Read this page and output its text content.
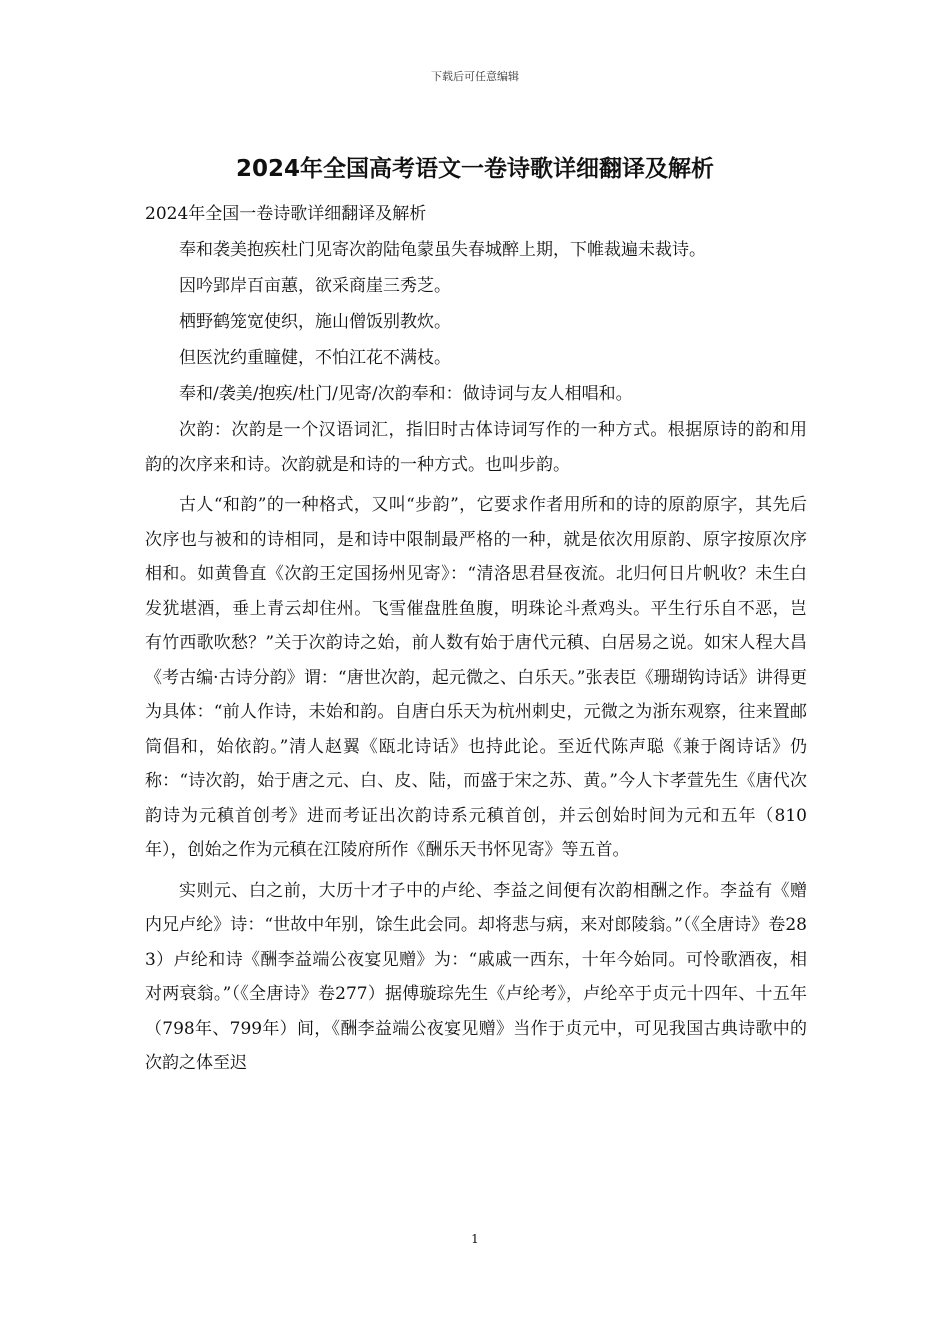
下载后可任意编辑
2024年全国高考语文一卷诗歌详细翻译及解析

2024年全国一卷诗歌详细翻译及解析

奉和袭美抱疾杜门见寄次韵陆龟蒙虽失春城醉上期，下帷裁遍未裁诗。

因吟郢岸百亩蕙，欲采商崖三秀芝。

栖野鹤笼宽使织，施山僧饭别教炊。

但医沈约重瞳健，不怕江花不满枝。

奉和/袭美/抱疾/杜门/见寄/次韵奉和：做诗词与友人相唱和。

次韵：次韵是一个汉语词汇，指旧时古体诗词写作的一种方式。根据原诗的韵和用韵的次序来和诗。次韵就是和诗的一种方式。也叫步韵。

古人“和韵”的一种格式，又叫“步韵”，它要求作者用所和的诗的原韵原字，其先后次序也与被和的诗相同，是和诗中限制最严格的一种，就是依次用原韵、原字按原次序相和。如黄鲁直《次韵王定国扬州见寄》：“清洛思君昼夜流。北归何日片帆收？未生白发犹堪酒，垂上青云却住州。飞雪催盘胜鱼腹，明珠论斗煮鸡头。平生行乐自不恶，岂有竹西歌吹愁？”关于次韵诗之始，前人数有始于唐代元稹、白居易之说。如宋人程大昌《考古编·古诗分韵》谓：“唐世次韵，起元微之、白乐天。”张表臣《珊瑚钩诗话》讲得更为具体：“前人作诗，未始和韵。自唐白乐天为杭州刺史，元微之为浙东观察，往来置邮筒倡和，始依韵。”清人赵翼《瓯北诗话》也持此论。至近代陈声聪《兼于阁诗话》仍称：“诗次韵，始于唐之元、白、皮、陆，而盛于宋之苏、黄。”今人卞孝萱先生《唐代次韵诗为元稹首创考》进而考证出次韵诗系元稹首创，并云创始时间为元和五年（810年），创始之作为元稹在江陵府所作《酬乐天书怀见寄》等五首。

实则元、白之前，大历十才子中的卢纶、李益之间便有次韵相酬之作。李益有《赠内兄卢纶》诗：“世故中年别，馀生此会同。却将悲与病，来对郎陵翁。”（《全唐诗》卷283）卢纶和诗《酬李益端公夜宴见赠》为：“戚戚一西东，十年今始同。可怜歌酒夜，相对两衰翁。”（《全唐诗》卷277）据傅璇琮先生《卢纶考》，卢纶卒于贞元十四年、十五年（798年、799年）间，《酬李益端公夜宴见赠》当作于贞元中，可见我国古典诗歌中的次韵之体至迟

1
